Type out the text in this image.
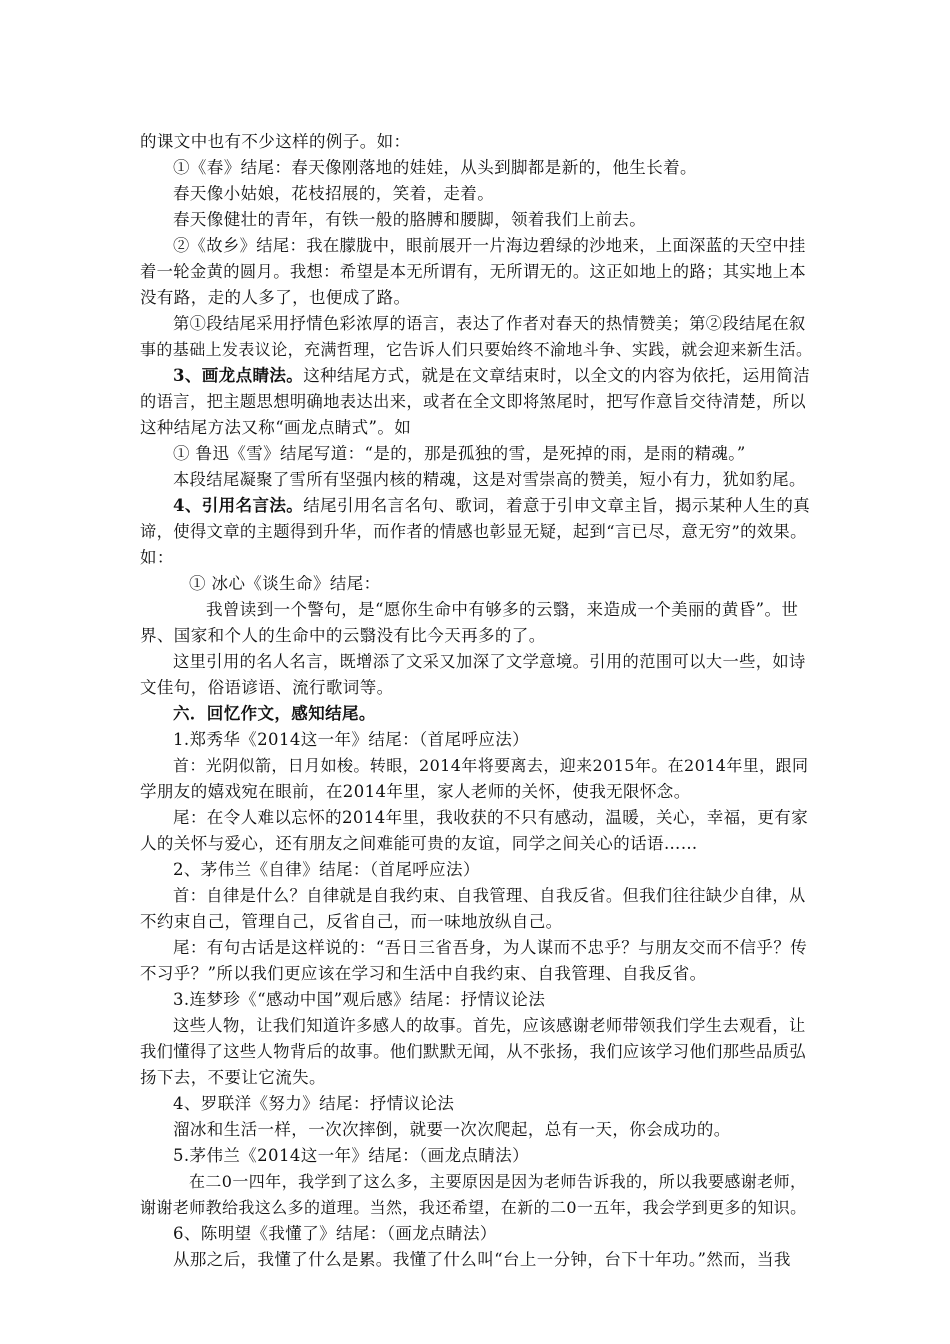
的课文中也有不少这样的例子。如：
①《春》结尾：春天像刚落地的娃娃，从头到脚都是新的，他生长着。
春天像小姑娘，花枝招展的，笑着，走着。
春天像健壮的青年，有铁一般的胳膊和腰脚，领着我们上前去。
②《故乡》结尾：我在朦胧中，眼前展开一片海边碧绿的沙地来，上面深蓝的天空中挂
着一轮金黄的圆月。我想：希望是本无所谓有，无所谓无的。这正如地上的路；其实地上本
没有路，走的人多了，也便成了路。
第①段结尾采用抒情色彩浓厚的语言，表达了作者对春天的热情赞美；第②段结尾在叙
事的基础上发表议论，充满哲理，它告诉人们只要始终不渝地斗争、实践，就会迎来新生活。
3、画龙点睛法。这种结尾方式，就是在文章结束时，以全文的内容为依托，运用简洁
的语言，把主题思想明确地表达出来，或者在全文即将煞尾时，把写作意旨交待清楚，所以
这种结尾方法又称“画龙点睛式”。如
① 鲁迅《雪》结尾写道：“是的，那是孤独的雪，是死掉的雨，是雨的精魂。”
本段结尾凝聚了雪所有坚强内核的精魂，这是对雪崇高的赞美，短小有力，犹如豹尾。
4、引用名言法。结尾引用名言名句、歌词，着意于引申文章主旨，揭示某种人生的真
谛，使得文章的主题得到升华，而作者的情感也彰显无疑，起到“言已尽，意无穷”的效果。
如：
① 冰心《谈生命》结尾：
我曾读到一个警句，是“愿你生命中有够多的云翳，来造成一个美丽的黄昏”。世
界、国家和个人的生命中的云翳没有比今天再多的了。
这里引用的名人名言，既增添了文采又加深了文学意境。引用的范围可以大一些，如诗
文佳句，俗语谚语、流行歌词等。
六．回忆作文，感知结尾。
1.郑秀华《2014这一年》结尾：（首尾呼应法）
首：光阴似箭，日月如梭。转眼，2014年将要离去，迎来2015年。在2014年里，跟同
学朋友的嬉戏宛在眼前，在2014年里，家人老师的关怀，使我无限怀念。
尾：在令人难以忘怀的2014年里，我收获的不只有感动，温暖，关心，幸福，更有家
人的关怀与爱心，还有朋友之间难能可贵的友谊，同学之间关心的话语……
2、茅伟兰《自律》结尾：（首尾呼应法）
首：自律是什么？自律就是自我约束、自我管理、自我反省。但我们往往缺少自律，从
不约束自己，管理自己，反省自己，而一味地放纵自己。
尾：有句古话是这样说的：“吾日三省吾身，为人谋而不忠乎？与朋友交而不信乎？传
不习乎？”所以我们更应该在学习和生活中自我约束、自我管理、自我反省。
3.连梦珍《“感动中国”观后感》结尾：抒情议论法
这些人物，让我们知道许多感人的故事。首先，应该感谢老师带领我们学生去观看，让
我们懂得了这些人物背后的故事。他们默默无闻，从不张扬，我们应该学习他们那些品质弘
扬下去，不要让它流失。
4、罗联洋《努力》结尾：抒情议论法
溜冰和生活一样，一次次摔倒，就要一次次爬起，总有一天，你会成功的。
5.茅伟兰《2014这一年》结尾：（画龙点睛法）
在二0一四年，我学到了这么多，主要原因是因为老师告诉我的，所以我要感谢老师，
谢谢老师教给我这么多的道理。当然，我还希望，在新的二0一五年，我会学到更多的知识。
6、陈明望《我懂了》结尾：（画龙点睛法）
从那之后，我懂了什么是累。我懂了什么叫“台上一分钟，台下十年功。”然而，当我
